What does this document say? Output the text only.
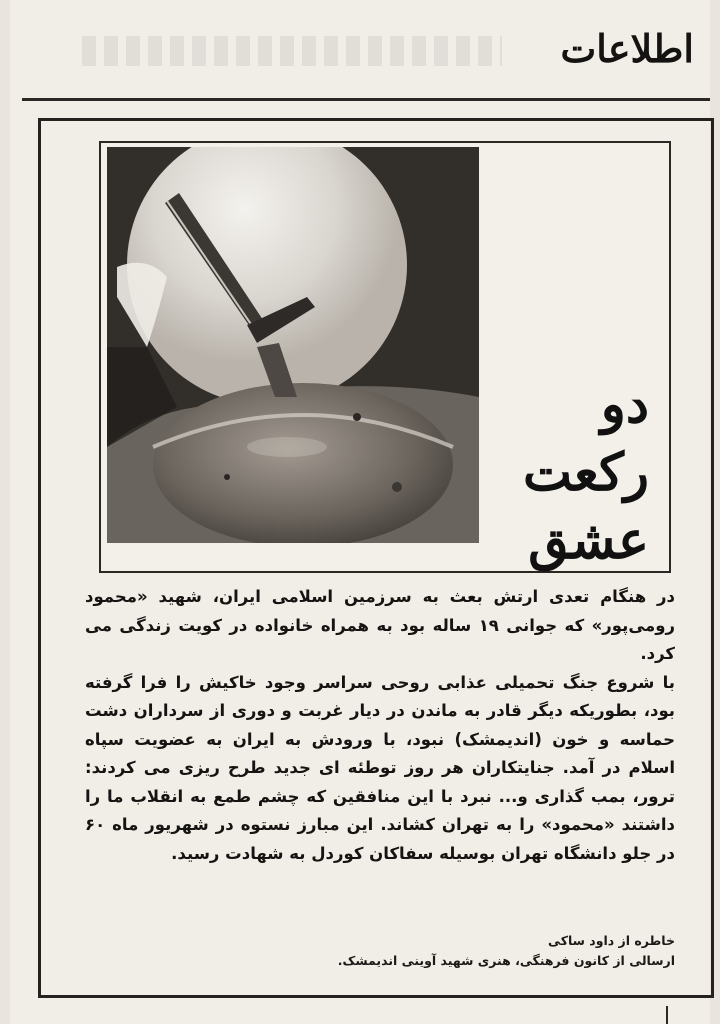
اطلاعات
دو
رکعت
عشق

در هنگام تعدی ارتش بعث به سرزمین اسلامی ایران، شهید «محمود رومی‌پور» که جوانی ۱۹ ساله بود به همراه خانواده در کویت زندگی می کرد.

با شروع جنگ تحمیلی عذابی روحی سراسر وجود خاکیش را فرا گرفته بود، بطوریکه دیگر قادر به ماندن در دیار غربت و دوری از سرداران دشت حماسه و خون (اندیمشک) نبود، با ورودش به ایران به عضویت سپاه اسلام در آمد. جنایتکاران هر روز توطئه ای جدید طرح ریزی می کردند: ترور، بمب گذاری و... نبرد با این منافقین که چشم طمع به انقلاب ما را داشتند «محمود» را به تهران کشاند. این مبارز نستوه در شهریور ماه ۶۰ در جلو دانشگاه تهران بوسیله سفاکان کوردل به شهادت رسید.

خاطره از داود ساکی
ارسالی از کانون فرهنگی، هنری شهید آوینی اندیمشک.
